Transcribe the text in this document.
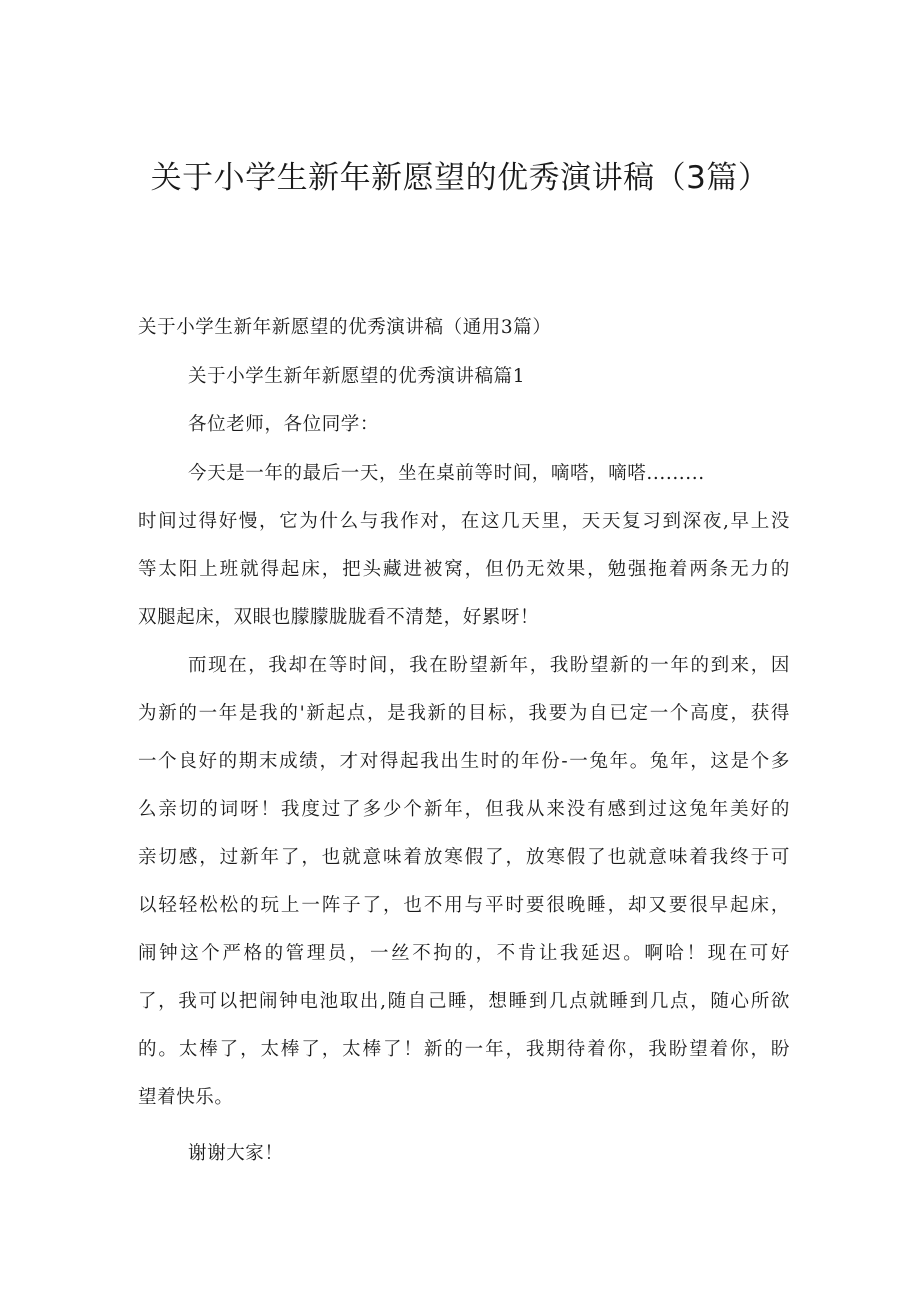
关于小学生新年新愿望的优秀演讲稿（3篇）

关于小学生新年新愿望的优秀演讲稿（通用3篇）

关于小学生新年新愿望的优秀演讲稿篇1

各位老师，各位同学：

今天是一年的最后一天，坐在桌前等时间，嘀嗒，嘀嗒.........

时间过得好慢，它为什么与我作对，在这几天里，天天复习到深夜,早上没

等太阳上班就得起床，把头藏进被窝，但仍无效果，勉强拖着两条无力的

双腿起床，双眼也朦朦胧胧看不清楚，好累呀！

而现在，我却在等时间，我在盼望新年，我盼望新的一年的到来，因

为新的一年是我的'新起点，是我新的目标，我要为自已定一个高度，获得

一个良好的期末成绩，才对得起我出生时的年份-一兔年。兔年，这是个多

么亲切的词呀！我度过了多少个新年，但我从来没有感到过这兔年美好的

亲切感，过新年了，也就意味着放寒假了，放寒假了也就意味着我终于可

以轻轻松松的玩上一阵子了，也不用与平时要很晚睡，却又要很早起床，

闹钟这个严格的管理员，一丝不拘的，不肯让我延迟。啊哈！现在可好

了，我可以把闹钟电池取出,随自己睡，想睡到几点就睡到几点，随心所欲

的。太棒了，太棒了，太棒了！新的一年，我期待着你，我盼望着你，盼

望着快乐。

谢谢大家！
